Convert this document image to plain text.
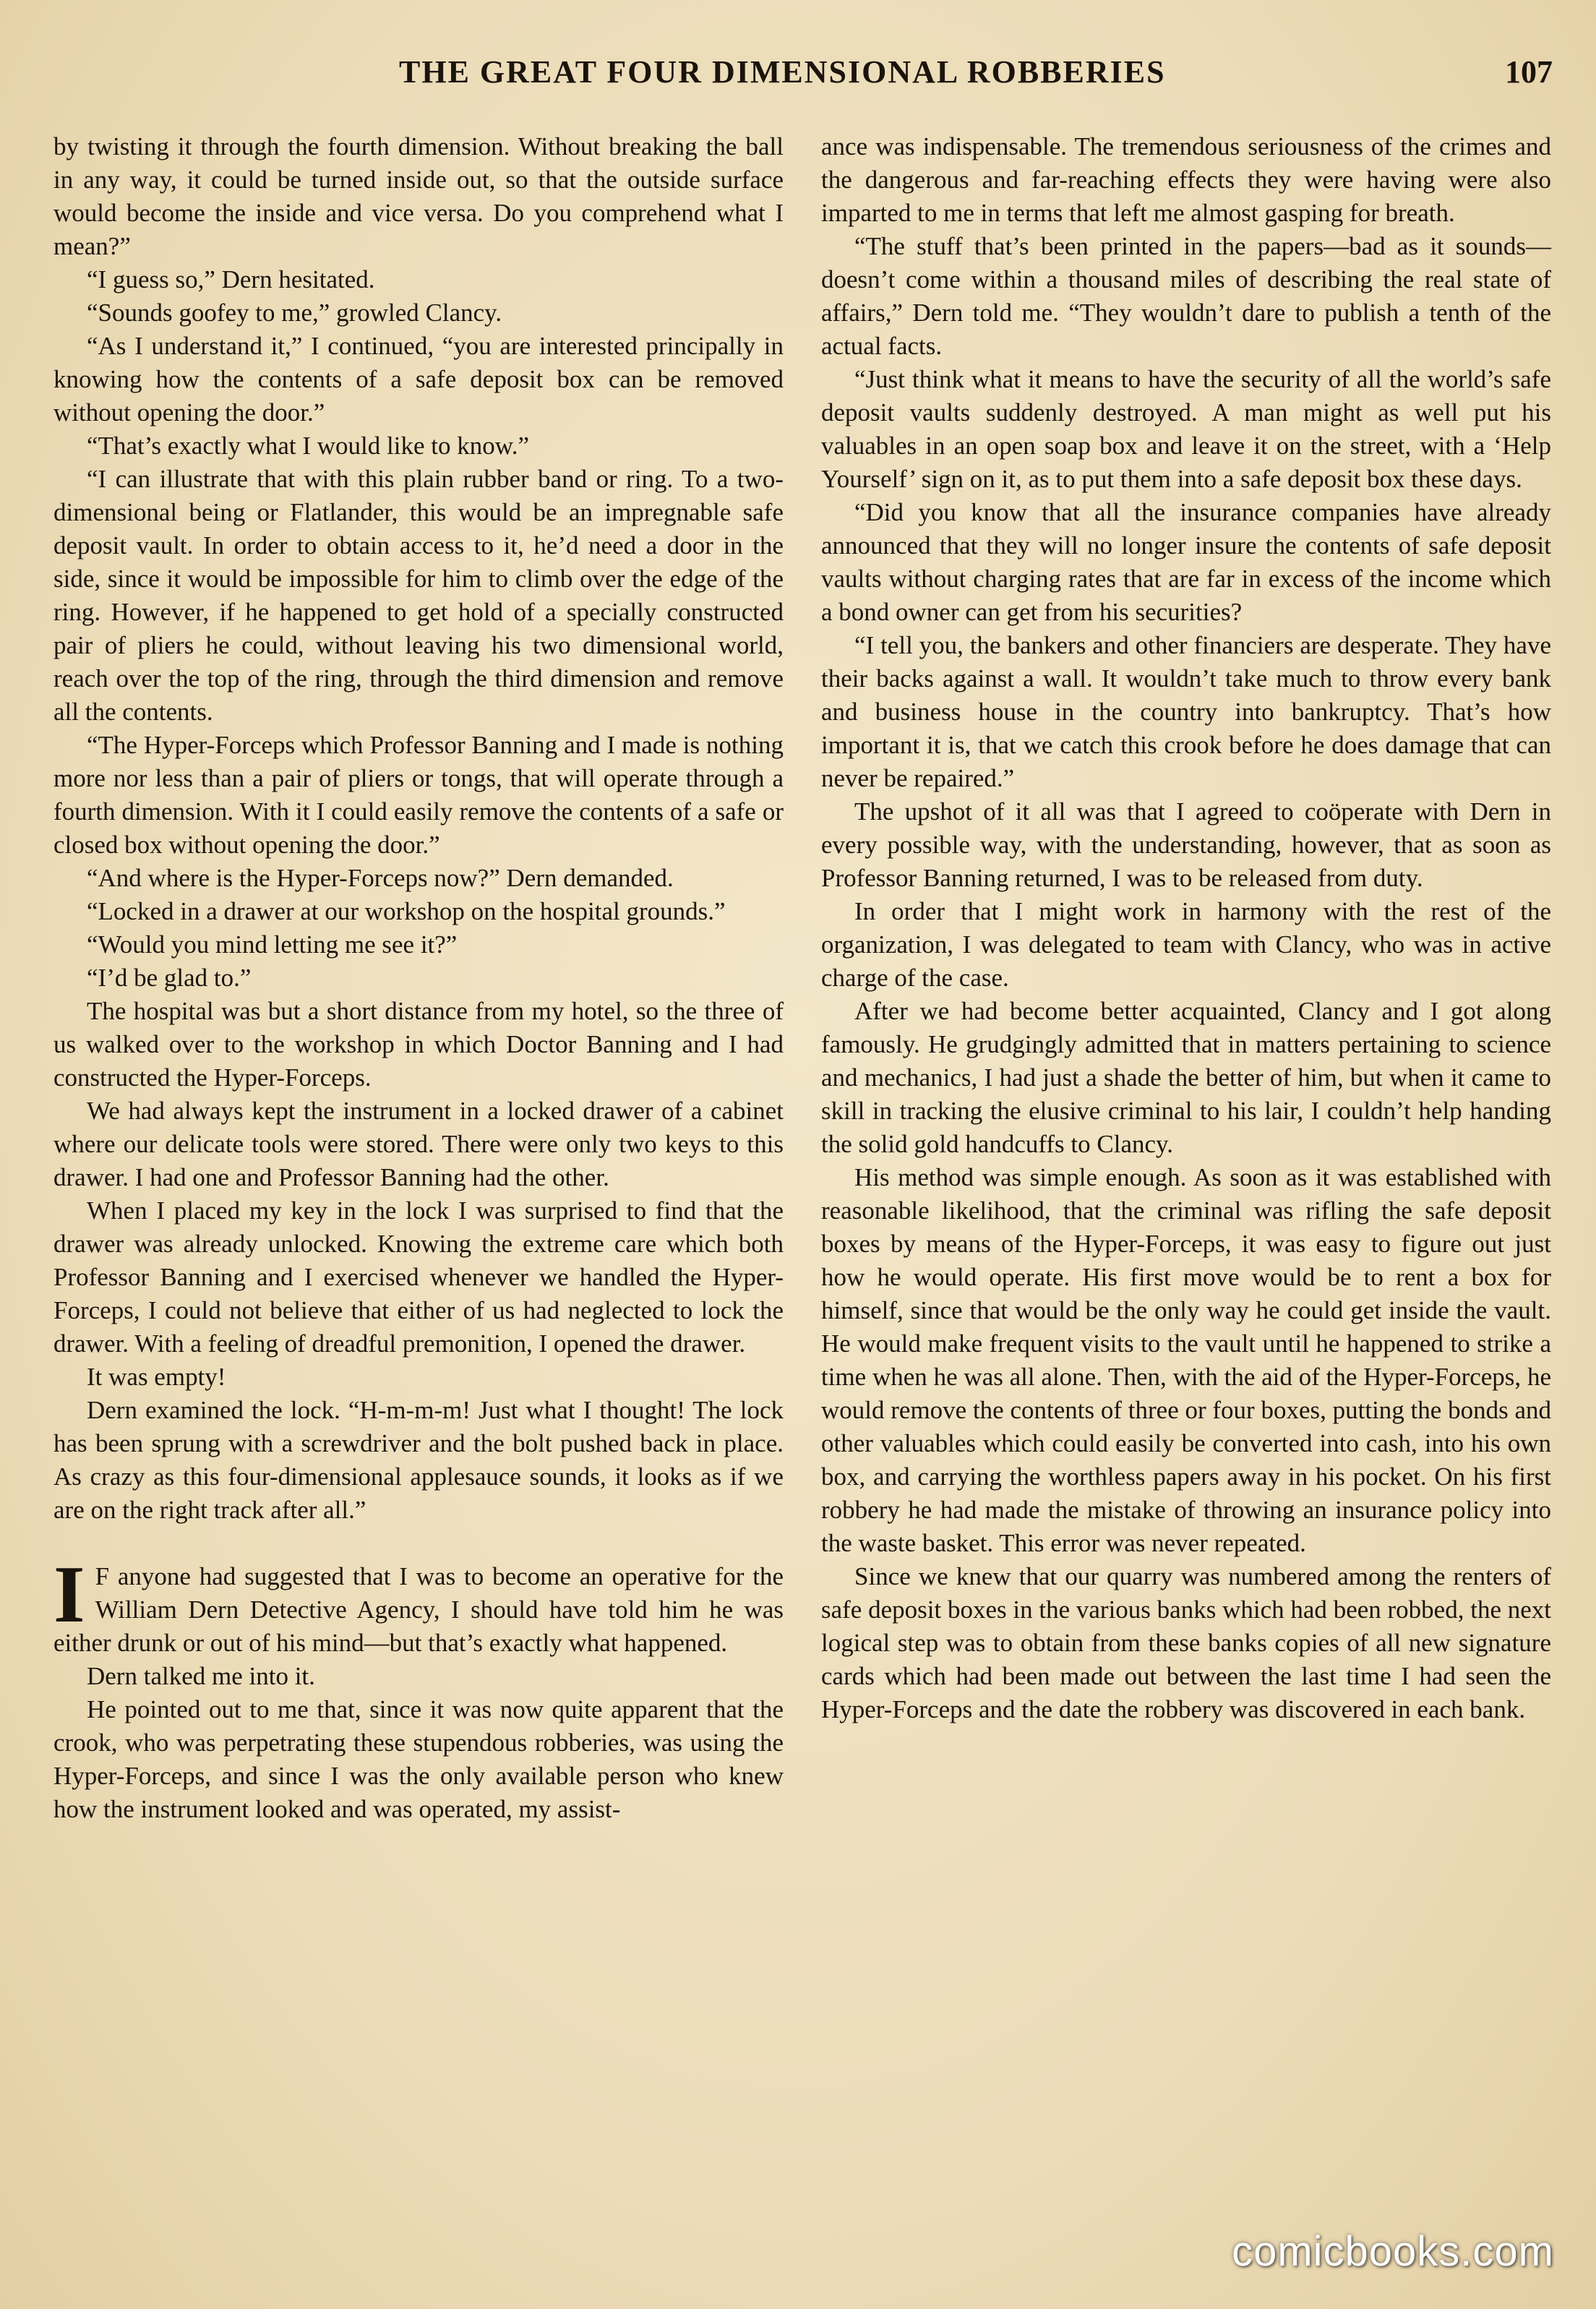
THE GREAT FOUR DIMENSIONAL ROBBERIES	107

by twisting it through the fourth dimension. Without breaking the ball in any way, it could be turned inside out, so that the outside surface would become the inside and vice versa. Do you comprehend what I mean?”

“I guess so,” Dern hesitated.

“Sounds goofey to me,” growled Clancy.

“As I understand it,” I continued, “you are interested principally in knowing how the contents of a safe deposit box can be removed without opening the door.”

“That’s exactly what I would like to know.”

“I can illustrate that with this plain rubber band or ring. To a two-dimensional being or Flatlander, this would be an impregnable safe deposit vault. In order to obtain access to it, he’d need a door in the side, since it would be impossible for him to climb over the edge of the ring. However, if he happened to get hold of a specially constructed pair of pliers he could, without leaving his two dimensional world, reach over the top of the ring, through the third dimension and remove all the contents.

“The Hyper-Forceps which Professor Banning and I made is nothing more nor less than a pair of pliers or tongs, that will operate through a fourth dimension. With it I could easily remove the contents of a safe or closed box without opening the door.”

“And where is the Hyper-Forceps now?” Dern demanded.

“Locked in a drawer at our workshop on the hospital grounds.”

“Would you mind letting me see it?”

“I’d be glad to.”

The hospital was but a short distance from my hotel, so the three of us walked over to the workshop in which Doctor Banning and I had constructed the Hyper-Forceps.

We had always kept the instrument in a locked drawer of a cabinet where our delicate tools were stored. There were only two keys to this drawer. I had one and Professor Banning had the other.

When I placed my key in the lock I was surprised to find that the drawer was already unlocked. Knowing the extreme care which both Professor Banning and I exercised whenever we handled the Hyper-Forceps, I could not believe that either of us had neglected to lock the drawer. With a feeling of dreadful premonition, I opened the drawer.

It was empty!

Dern examined the lock. “H-m-m-m! Just what I thought! The lock has been sprung with a screwdriver and the bolt pushed back in place. As crazy as this four-dimensional applesauce sounds, it looks as if we are on the right track after all.”

I F anyone had suggested that I was to become an operative for the William Dern Detective Agency, I should have told him he was either drunk or out of his mind—but that’s exactly what happened.

Dern talked me into it.

He pointed out to me that, since it was now quite apparent that the crook, who was perpetrating these stupendous robberies, was using the Hyper-Forceps, and since I was the only available person who knew how the instrument looked and was operated, my assist-

ance was indispensable. The tremendous seriousness of the crimes and the dangerous and far-reaching effects they were having were also imparted to me in terms that left me almost gasping for breath.

“The stuff that’s been printed in the papers—bad as it sounds—doesn’t come within a thousand miles of describing the real state of affairs,” Dern told me. “They wouldn’t dare to publish a tenth of the actual facts.

“Just think what it means to have the security of all the world’s safe deposit vaults suddenly destroyed. A man might as well put his valuables in an open soap box and leave it on the street, with a ‘Help Yourself’ sign on it, as to put them into a safe deposit box these days.

“Did you know that all the insurance companies have already announced that they will no longer insure the contents of safe deposit vaults without charging rates that are far in excess of the income which a bond owner can get from his securities?

“I tell you, the bankers and other financiers are desperate. They have their backs against a wall. It wouldn’t take much to throw every bank and business house in the country into bankruptcy. That’s how important it is, that we catch this crook before he does damage that can never be repaired.”

The upshot of it all was that I agreed to coöperate with Dern in every possible way, with the understanding, however, that as soon as Professor Banning returned, I was to be released from duty.

In order that I might work in harmony with the rest of the organization, I was delegated to team with Clancy, who was in active charge of the case.

After we had become better acquainted, Clancy and I got along famously. He grudgingly admitted that in matters pertaining to science and mechanics, I had just a shade the better of him, but when it came to skill in tracking the elusive criminal to his lair, I couldn’t help handing the solid gold handcuffs to Clancy.

His method was simple enough. As soon as it was established with reasonable likelihood, that the criminal was rifling the safe deposit boxes by means of the Hyper-Forceps, it was easy to figure out just how he would operate. His first move would be to rent a box for himself, since that would be the only way he could get inside the vault. He would make frequent visits to the vault until he happened to strike a time when he was all alone. Then, with the aid of the Hyper-Forceps, he would remove the contents of three or four boxes, putting the bonds and other valuables which could easily be converted into cash, into his own box, and carrying the worthless papers away in his pocket. On his first robbery he had made the mistake of throwing an insurance policy into the waste basket. This error was never repeated.

Since we knew that our quarry was numbered among the renters of safe deposit boxes in the various banks which had been robbed, the next logical step was to obtain from these banks copies of all new signature cards which had been made out between the last time I had seen the Hyper-Forceps and the date the robbery was discovered in each bank.

comicbooks.com
